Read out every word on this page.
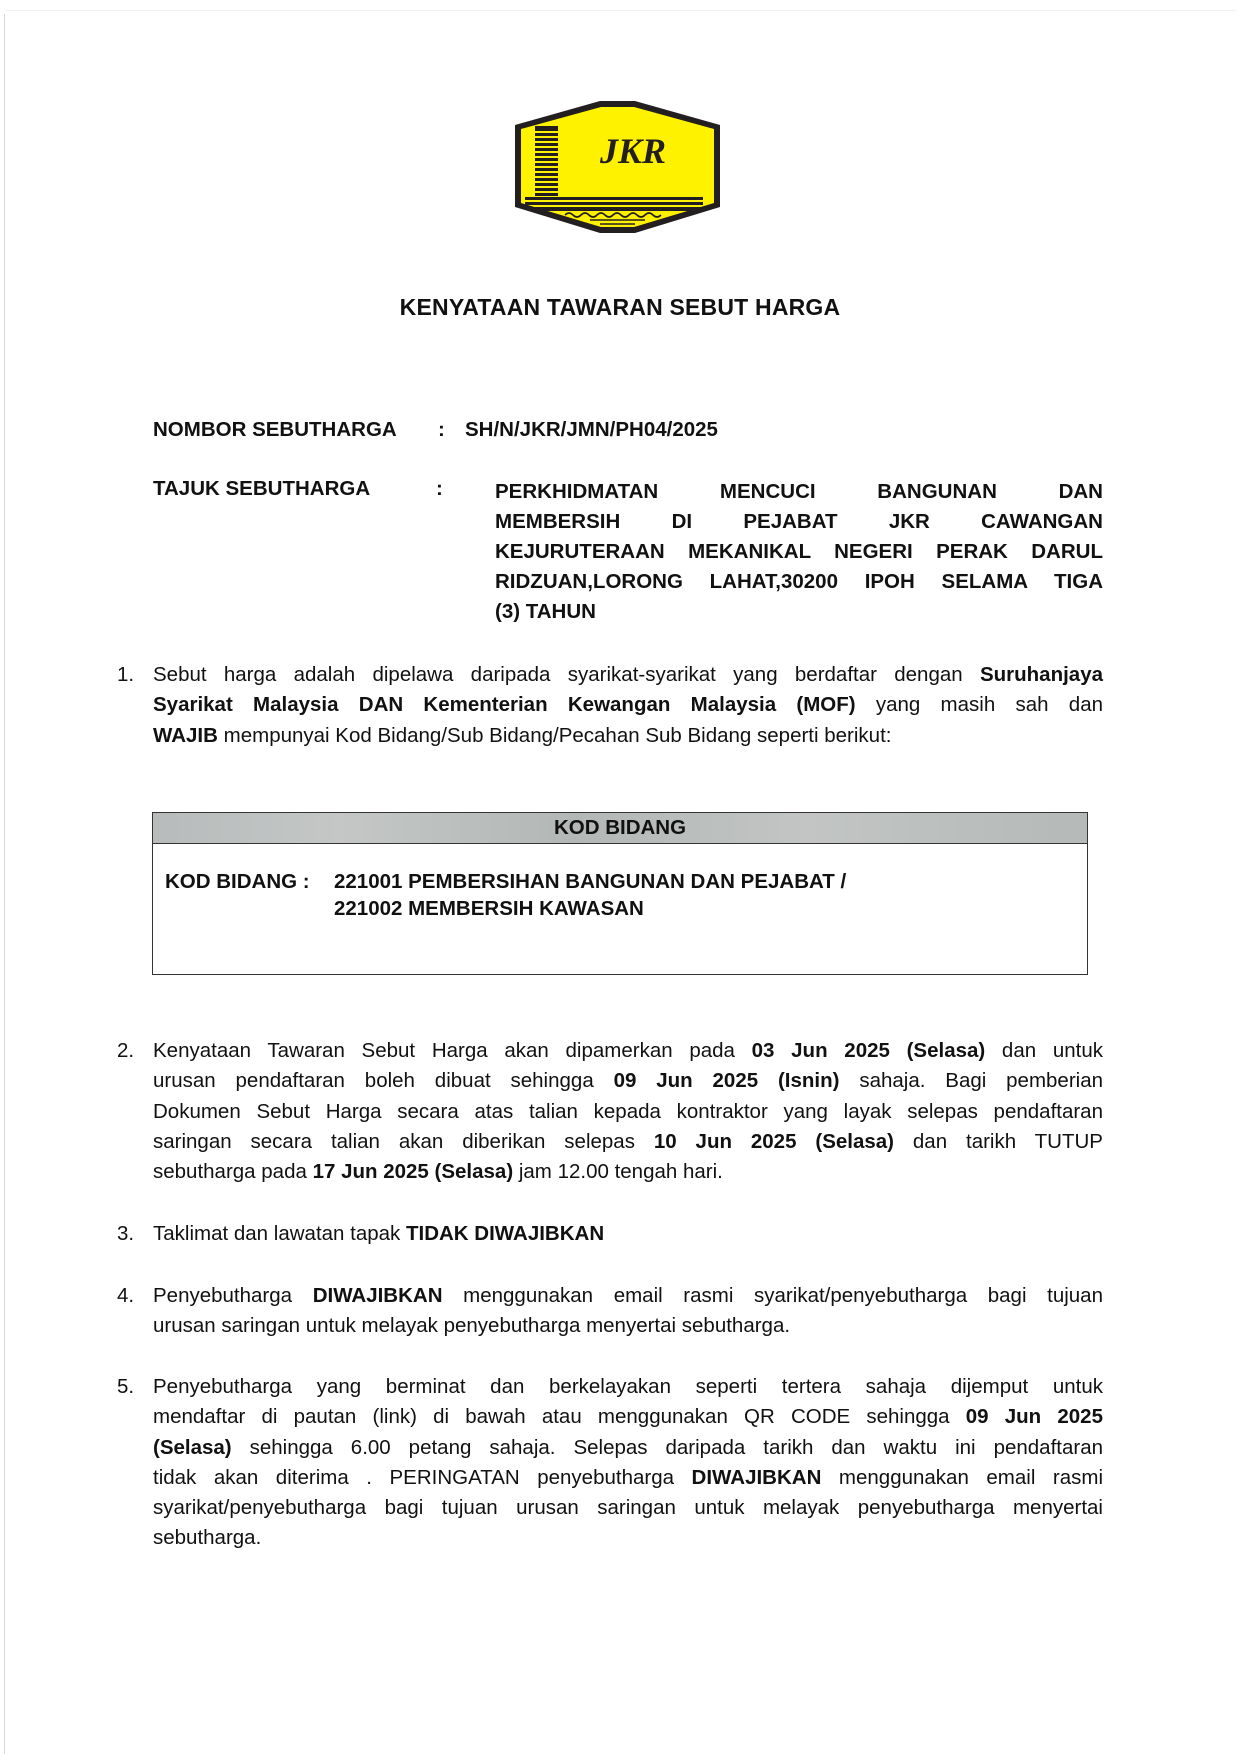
JKR
KENYATAAN TAWARAN SEBUT HARGA
NOMBOR SEBUTHARGA : SH/N/JKR/JMN/PH04/2025
TAJUK SEBUTHARGA	:	PERKHIDMATAN MENCUCI BANGUNAN DAN
MEMBERSIH DI PEJABAT JKR CAWANGAN
KEJURUTERAAN MEKANIKAL NEGERI PERAK DARUL
RIDZUAN,LORONG LAHAT,30200 IPOH SELAMA TIGA
(3) TAHUN
1. Sebut harga adalah dipelawa daripada syarikat-syarikat yang berdaftar dengan Suruhanjaya
Syarikat Malaysia DAN Kementerian Kewangan Malaysia (MOF) yang masih sah dan
WAJIB mempunyai Kod Bidang/Sub Bidang/Pecahan Sub Bidang seperti berikut:
KOD BIDANG
KOD BIDANG : 221001 PEMBERSIHAN BANGUNAN DAN PEJABAT /
221002 MEMBERSIH KAWASAN
2. Kenyataan Tawaran Sebut Harga akan dipamerkan pada 03 Jun 2025 (Selasa) dan untuk
urusan pendaftaran boleh dibuat sehingga 09 Jun 2025 (Isnin) sahaja. Bagi pemberian
Dokumen Sebut Harga secara atas talian kepada kontraktor yang layak selepas pendaftaran
saringan secara talian akan diberikan selepas 10 Jun 2025 (Selasa) dan tarikh TUTUP
sebutharga pada 17 Jun 2025 (Selasa) jam 12.00 tengah hari.
3. Taklimat dan lawatan tapak TIDAK DIWAJIBKAN
4. Penyebutharga DIWAJIBKAN menggunakan email rasmi syarikat/penyebutharga bagi tujuan
urusan saringan untuk melayak penyebutharga menyertai sebutharga.
5. Penyebutharga yang berminat dan berkelayakan seperti tertera sahaja dijemput untuk
mendaftar di pautan (link) di bawah atau menggunakan QR CODE sehingga 09 Jun 2025
(Selasa) sehingga 6.00 petang sahaja. Selepas daripada tarikh dan waktu ini pendaftaran
tidak akan diterima . PERINGATAN penyebutharga DIWAJIBKAN menggunakan email rasmi
syarikat/penyebutharga bagi tujuan urusan saringan untuk melayak penyebutharga menyertai
sebutharga.
